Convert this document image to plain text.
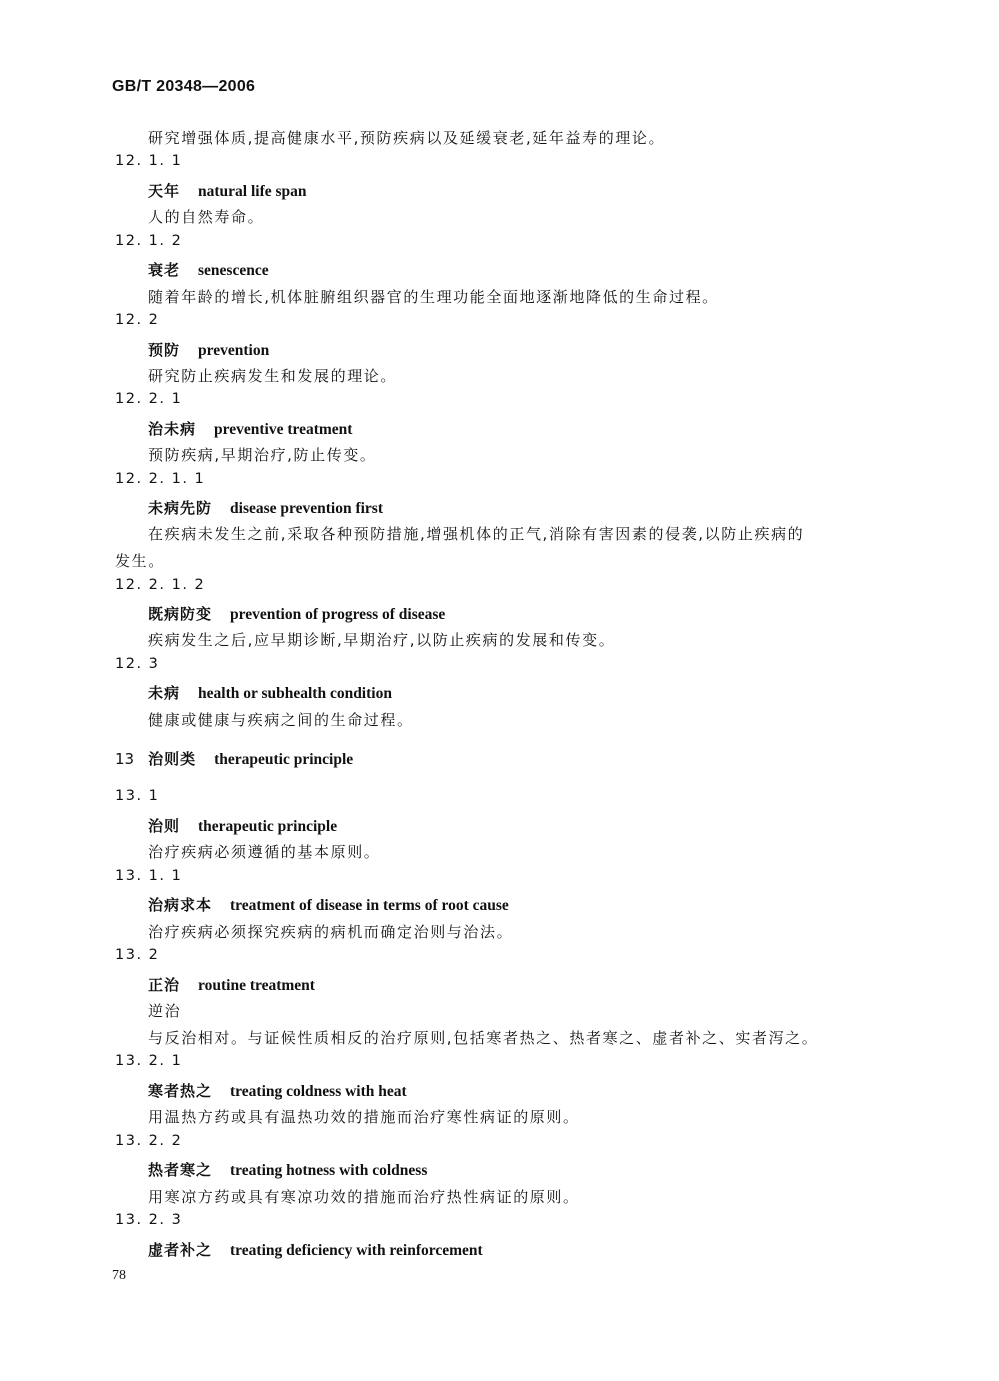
GB/T 20348—2006
研究增强体质,提高健康水平,预防疾病以及延缓衰老,延年益寿的理论。
12. 1. 1
天年 natural life span
人的自然寿命。
12. 1. 2
衰老 senescence
随着年龄的增长,机体脏腑组织器官的生理功能全面地逐渐地降低的生命过程。
12. 2
预防 prevention
研究防止疾病发生和发展的理论。
12. 2. 1
治未病 preventive treatment
预防疾病,早期治疗,防止传变。
12. 2. 1. 1
未病先防 disease prevention first
在疾病未发生之前,采取各种预防措施,增强机体的正气,消除有害因素的侵袭,以防止疾病的
发生。
12. 2. 1. 2
既病防变 prevention of progress of disease
疾病发生之后,应早期诊断,早期治疗,以防止疾病的发展和传变。
12. 3
未病 health or subhealth condition
健康或健康与疾病之间的生命过程。
13 治则类 therapeutic principle
13. 1
治则 therapeutic principle
治疗疾病必须遵循的基本原则。
13. 1. 1
治病求本 treatment of disease in terms of root cause
治疗疾病必须探究疾病的病机而确定治则与治法。
13. 2
正治 routine treatment
逆治
与反治相对。与证候性质相反的治疗原则,包括寒者热之、热者寒之、虚者补之、实者泻之。
13. 2. 1
寒者热之 treating coldness with heat
用温热方药或具有温热功效的措施而治疗寒性病证的原则。
13. 2. 2
热者寒之 treating hotness with coldness
用寒凉方药或具有寒凉功效的措施而治疗热性病证的原则。
13. 2. 3
虚者补之 treating deficiency with reinforcement
78
